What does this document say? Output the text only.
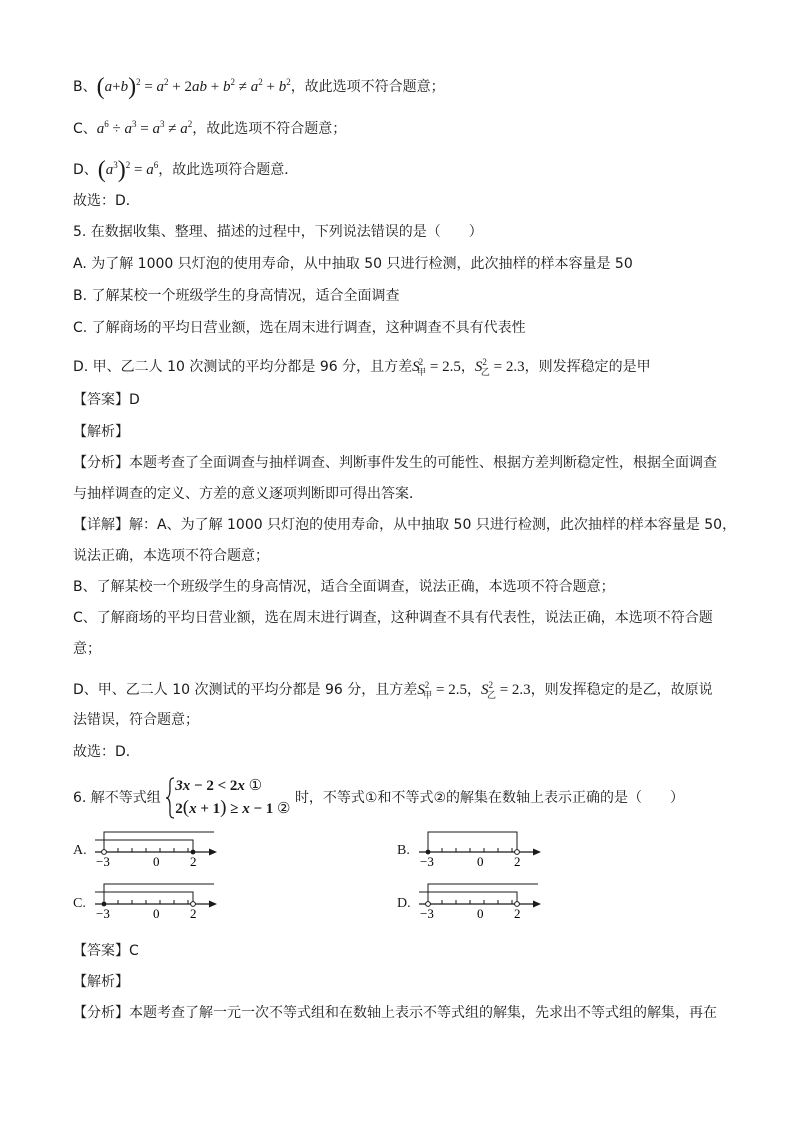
B、$(a+b)^2 = a^2 + 2ab + b^2 \ne a^2 + b^2$，故此选项不符合题意；
C、$a^6 \div a^3 = a^3 \ne a^2$，故此选项不符合题意；
D、$(a^3)^2 = a^6$，故此选项符合题意．
故选：D．
5. 在数据收集、整理、描述的过程中，下列说法错误的是（　　）
A. 为了解 1000 只灯泡的使用寿命，从中抽取 50 只进行检测，此次抽样的样本容量是 50
B. 了解某校一个班级学生的身高情况，适合全面调查
C. 了解商场的平均日营业额，选在周末进行调查，这种调查不具有代表性
D. 甲、乙二人 10 次测试的平均分都是 96 分，且方差$S^2_甲 = 2.5$，$S^2_乙 = 2.3$，则发挥稳定的是甲
【答案】D
【解析】
【分析】本题考查了全面调查与抽样调查、判断事件发生的可能性、根据方差判断稳定性，根据全面调查
与抽样调查的定义、方差的意义逐项判断即可得出答案．
【详解】解：A、为了解 1000 只灯泡的使用寿命，从中抽取 50 只进行检测，此次抽样的样本容量是 50，
说法正确，本选项不符合题意；
B、了解某校一个班级学生的身高情况，适合全面调查，说法正确，本选项不符合题意；
C、了解商场的平均日营业额，选在周末进行调查，这种调查不具有代表性，说法正确，本选项不符合题
意；
D、甲、乙二人 10 次测试的平均分都是 96 分，且方差$S^2_甲 = 2.5$，$S^2_乙 = 2.3$，则发挥稳定的是乙，故原说
法错误，符合题意；
故选：D．
6. 解不等式组
3x − 2 < 2x ①
2(x + 1) ≥ x − 1 ②
时，不等式①和不等式②的解集在数轴上表示正确的是（　　）
A.
−3	0 2
B.
−3	0 2
C.
−3	0 2
D.
−3	0 2
【答案】C
【解析】
【分析】本题考查了解一元一次不等式组和在数轴上表示不等式组的解集，先求出不等式组的解集，再在
